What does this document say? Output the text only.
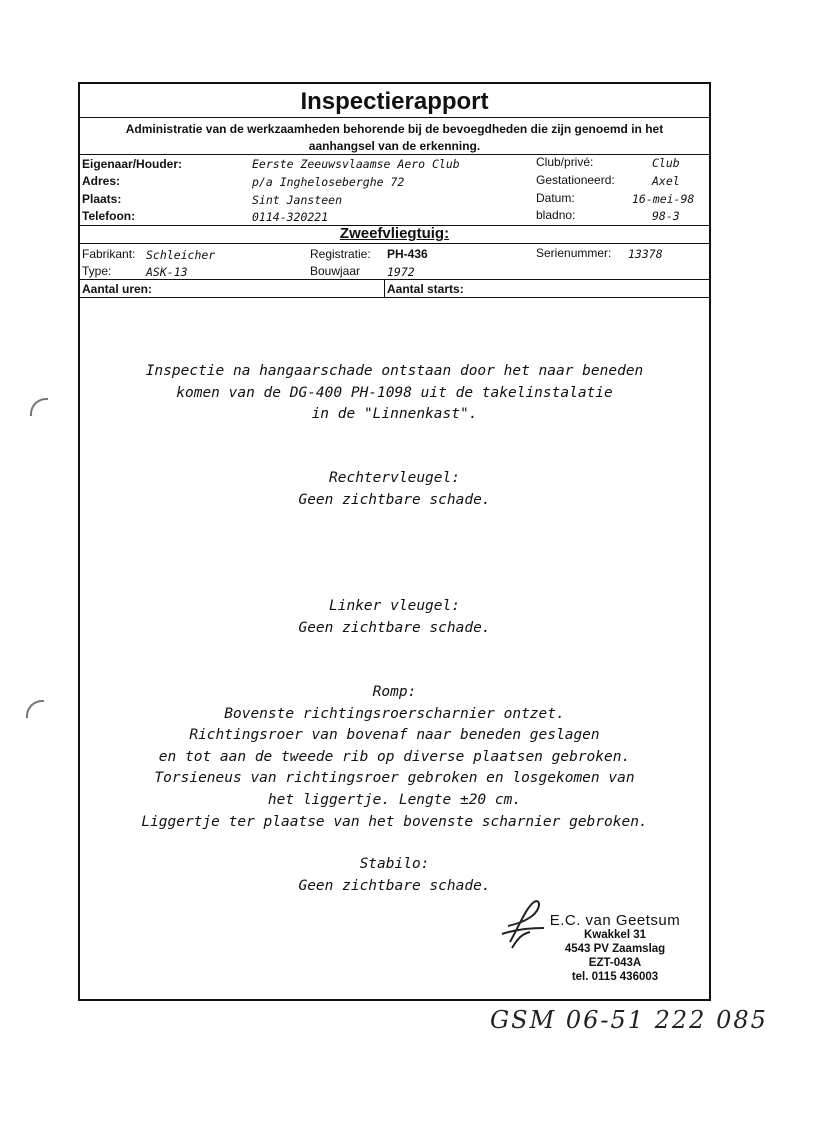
Inspectierapport
Administratie van de werkzaamheden behorende bij de bevoegdheden die zijn genoemd in het aanhangsel van de erkenning.
Eigenaar/Houder:	Eerste Zeeuwsvlaamse Aero Club
Adres:	p/a Ingheloseberghe 72
Plaats:	Sint Jansteen
Telefoon:	0114-320221
Club/privé:	Club
Gestationeerd:	Axel
Datum:	16-mei-98
bladno:	98-3
Zweefvliegtuig:
Fabrikant: Schleicher
Type:	ASK-13
Registratie: PH-436
Bouwjaar 1972
Serienummer: 13378
Aantal uren:	Aantal starts:
Inspectie na hangaarschade ontstaan door het naar beneden
komen van de DG-400 PH-1098 uit de takelinstalatie
in de "Linnenkast".
Rechtervleugel:
Geen zichtbare schade.
Linker vleugel:
Geen zichtbare schade.
Romp:
Bovenste richtingsroerscharnier ontzet.
Richtingsroer van bovenaf naar beneden geslagen
en tot aan de tweede rib op diverse plaatsen gebroken.
Torsieneus van richtingsroer gebroken en losgekomen van
het liggertje. Lengte ±20 cm.
Liggertje ter plaatse van het bovenste scharnier gebroken.
Stabilo:
Geen zichtbare schade.
E.C. van Geetsum
Kwakkel 31
4543 PV Zaamslag
EZT-043A
tel. 0115 436003
GSM 06-51 222 085
